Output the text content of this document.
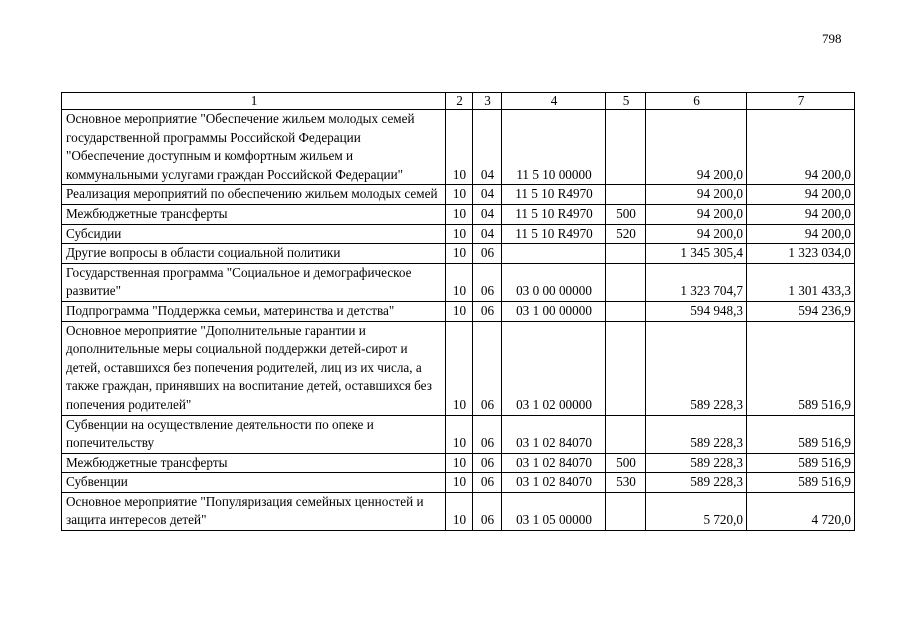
798
1	2	3	4	5	6	7
Основное мероприятие "Обеспечение жильем молодых семей государственной программы Российской Федерации "Обеспечение доступным и комфортным жильем и коммунальными услугами граждан Российской Федерации"	10	04	11 5 10 00000		94 200,0	94 200,0
Реализация мероприятий по обеспечению жильем молодых семей	10	04	11 5 10 R4970		94 200,0	94 200,0
Межбюджетные трансферты	10	04	11 5 10 R4970	500	94 200,0	94 200,0
Субсидии	10	04	11 5 10 R4970	520	94 200,0	94 200,0
Другие вопросы в области социальной политики	10	06			1 345 305,4	1 323 034,0
Государственная программа "Социальное и демографическое развитие"	10	06	03 0 00 00000		1 323 704,7	1 301 433,3
Подпрограмма "Поддержка семьи, материнства и детства"	10	06	03 1 00 00000		594 948,3	594 236,9
Основное мероприятие "Дополнительные гарантии и дополнительные меры социальной поддержки детей-сирот и детей, оставшихся без попечения родителей, лиц из их числа, а также граждан, принявших на воспитание детей, оставшихся без попечения родителей"	10	06	03 1 02 00000		589 228,3	589 516,9
Субвенции на осуществление деятельности по опеке и попечительству	10	06	03 1 02 84070		589 228,3	589 516,9
Межбюджетные трансферты	10	06	03 1 02 84070	500	589 228,3	589 516,9
Субвенции	10	06	03 1 02 84070	530	589 228,3	589 516,9
Основное мероприятие "Популяризация семейных ценностей и защита интересов детей"	10	06	03 1 05 00000		5 720,0	4 720,0
